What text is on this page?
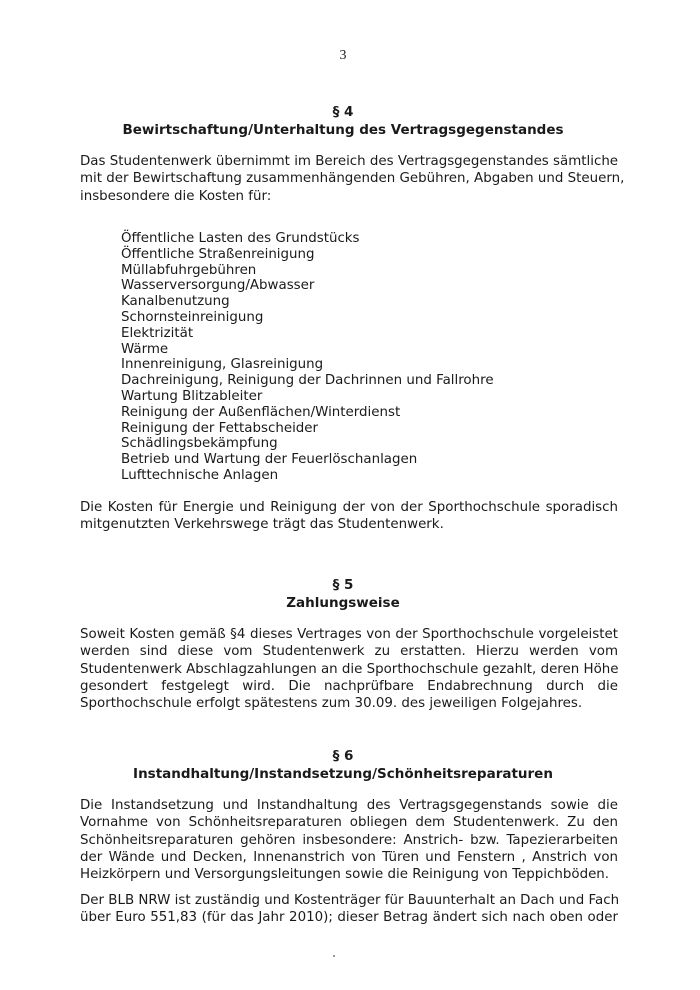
3
§ 4
Bewirtschaftung/Unterhaltung des Vertragsgegenstandes

Das Studentenwerk übernimmt im Bereich des Vertragsgegenstandes sämtliche
mit der Bewirtschaftung zusammenhängenden Gebühren, Abgaben und Steuern,
insbesondere die Kosten für:

Öffentliche Lasten des Grundstücks
Öffentliche Straßenreinigung
Müllabfuhrgebühren
Wasserversorgung/Abwasser
Kanalbenutzung
Schornsteinreinigung
Elektrizität
Wärme
Innenreinigung, Glasreinigung
Dachreinigung, Reinigung der Dachrinnen und Fallrohre
Wartung Blitzableiter
Reinigung der Außenflächen/Winterdienst
Reinigung der Fettabscheider
Schädlingsbekämpfung
Betrieb und Wartung der Feuerlöschanlagen
Lufttechnische Anlagen

Die Kosten für Energie und Reinigung der von der Sporthochschule sporadisch
mitgenutzten Verkehrswege trägt das Studentenwerk.

§ 5
Zahlungsweise

Soweit Kosten gemäß §4 dieses Vertrages von der Sporthochschule vorgeleistet
werden sind diese vom Studentenwerk zu erstatten. Hierzu werden vom
Studentenwerk Abschlagzahlungen an die Sporthochschule gezahlt, deren Höhe
gesondert festgelegt wird. Die nachprüfbare Endabrechnung durch die
Sporthochschule erfolgt spätestens zum 30.09. des jeweiligen Folgejahres.

§ 6
Instandhaltung/Instandsetzung/Schönheitsreparaturen

Die Instandsetzung und Instandhaltung des Vertragsgegenstands sowie die
Vornahme von Schönheitsreparaturen obliegen dem Studentenwerk. Zu den
Schönheitsreparaturen gehören insbesondere: Anstrich- bzw. Tapezierarbeiten
der Wände und Decken, Innenanstrich von Türen und Fenstern , Anstrich von
Heizkörpern und Versorgungsleitungen sowie die Reinigung von Teppichböden.

Der BLB NRW ist zuständig und Kostenträger für Bauunterhalt an Dach und Fach
über Euro 551,83 (für das Jahr 2010); dieser Betrag ändert sich nach oben oder
